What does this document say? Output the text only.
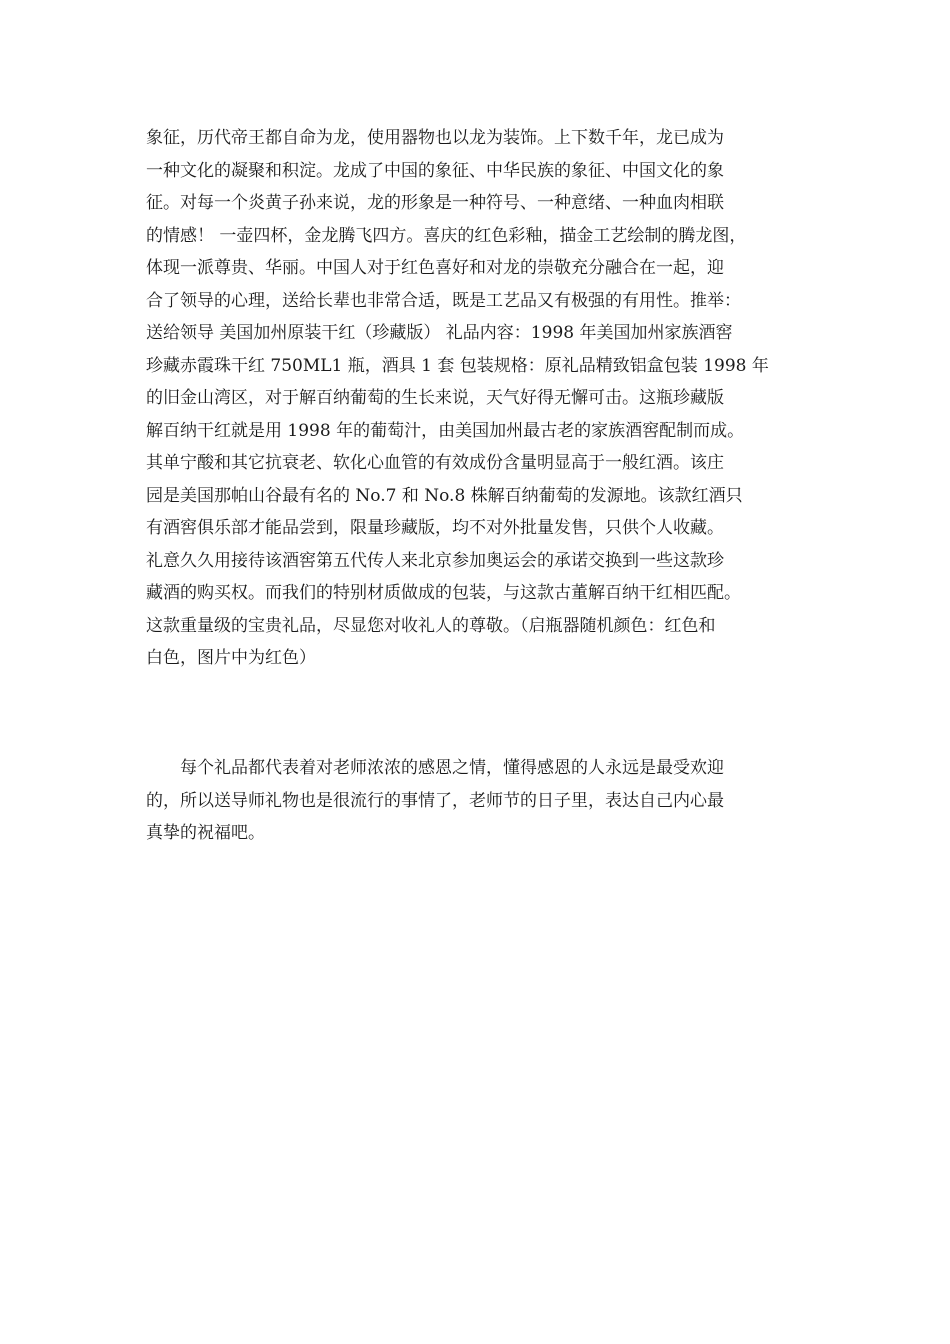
象征，历代帝王都自命为龙，使用器物也以龙为装饰。上下数千年，龙已成为
一种文化的凝聚和积淀。龙成了中国的象征、中华民族的象征、中国文化的象
征。对每一个炎黄子孙来说，龙的形象是一种符号、一种意绪、一种血肉相联
的情感！ 一壶四杯，金龙腾飞四方。喜庆的红色彩釉，描金工艺绘制的腾龙图，
体现一派尊贵、华丽。中国人对于红色喜好和对龙的崇敬充分融合在一起，迎
合了领导的心理，送给长辈也非常合适，既是工艺品又有极强的有用性。推举：
送给领导 美国加州原装干红（珍藏版） 礼品内容：1998 年美国加州家族酒窖
珍藏赤霞珠干红 750ML1 瓶，酒具 1 套 包装规格：原礼品精致铝盒包装 1998 年
的旧金山湾区，对于解百纳葡萄的生长来说，天气好得无懈可击。这瓶珍藏版
解百纳干红就是用 1998 年的葡萄汁，由美国加州最古老的家族酒窖配制而成。
其单宁酸和其它抗衰老、软化心血管的有效成份含量明显高于一般红酒。该庄
园是美国那帕山谷最有名的 No.7 和 No.8 株解百纳葡萄的发源地。该款红酒只
有酒窖俱乐部才能品尝到，限量珍藏版，均不对外批量发售，只供个人收藏。
礼意久久用接待该酒窖第五代传人来北京参加奥运会的承诺交换到一些这款珍
藏酒的购买权。而我们的特别材质做成的包装，与这款古董解百纳干红相匹配。
这款重量级的宝贵礼品，尽显您对收礼人的尊敬。（启瓶器随机颜色：红色和
白色，图片中为红色）
每个礼品都代表着对老师浓浓的感恩之情，懂得感恩的人永远是最受欢迎
的，所以送导师礼物也是很流行的事情了，老师节的日子里，表达自己内心最
真挚的祝福吧。
